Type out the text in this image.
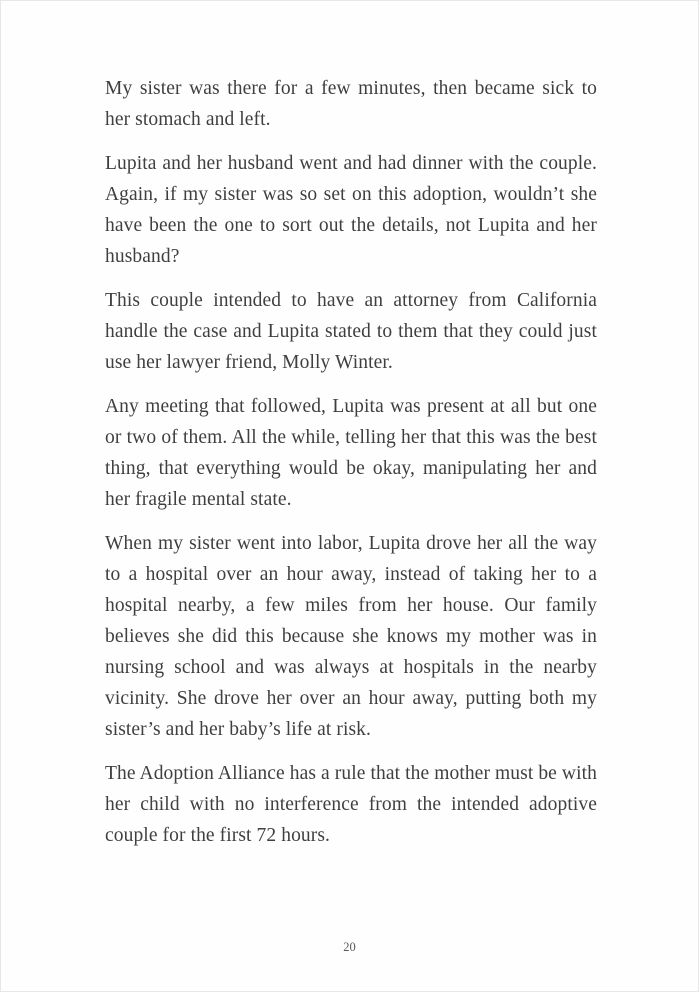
My sister was there for a few minutes, then became sick to her stomach and left.

Lupita and her husband went and had dinner with the couple. Again, if my sister was so set on this adoption, wouldn’t she have been the one to sort out the details, not Lupita and her husband?

This couple intended to have an attorney from California handle the case and Lupita stated to them that they could just use her lawyer friend, Molly Winter.

Any meeting that followed, Lupita was present at all but one or two of them. All the while, telling her that this was the best thing, that everything would be okay, manipulating her and her fragile mental state.

When my sister went into labor, Lupita drove her all the way to a hospital over an hour away, instead of taking her to a hospital nearby, a few miles from her house. Our family believes she did this because she knows my mother was in nursing school and was always at hospitals in the nearby vicinity. She drove her over an hour away, putting both my sister’s and her baby’s life at risk.

The Adoption Alliance has a rule that the mother must be with her child with no interference from the intended adoptive couple for the first 72 hours.

20
